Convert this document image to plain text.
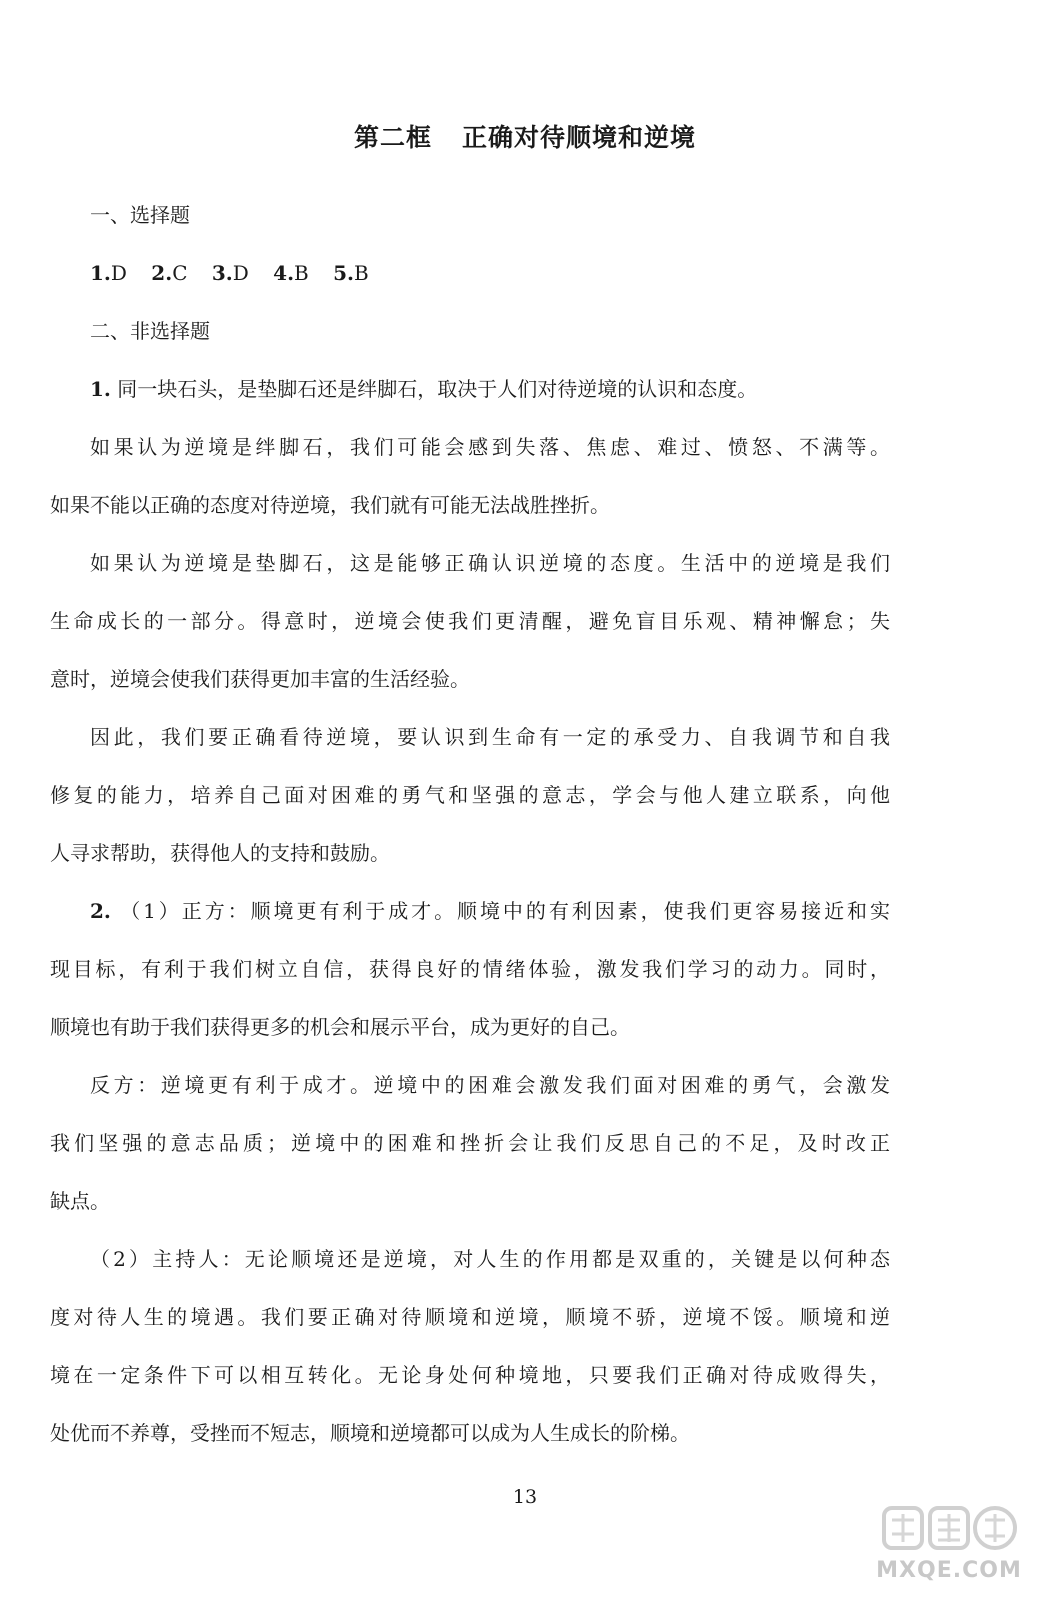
第二框 正确对待顺境和逆境

一、选择题

1.D 2.C 3.D 4.B 5.B

二、非选择题

1. 同一块石头，是垫脚石还是绊脚石，取决于人们对待逆境的认识和态度。

如果认为逆境是绊脚石，我们可能会感到失落、焦虑、难过、愤怒、不满等。

如果不能以正确的态度对待逆境，我们就有可能无法战胜挫折。

如果认为逆境是垫脚石，这是能够正确认识逆境的态度。生活中的逆境是我们

生命成长的一部分。得意时，逆境会使我们更清醒，避免盲目乐观、精神懈怠；失

意时，逆境会使我们获得更加丰富的生活经验。

因此，我们要正确看待逆境，要认识到生命有一定的承受力、自我调节和自我

修复的能力，培养自己面对困难的勇气和坚强的意志，学会与他人建立联系，向他

人寻求帮助，获得他人的支持和鼓励。

2. （1）正方：顺境更有利于成才。顺境中的有利因素，使我们更容易接近和实

现目标，有利于我们树立自信，获得良好的情绪体验，激发我们学习的动力。同时，

顺境也有助于我们获得更多的机会和展示平台，成为更好的自己。

反方：逆境更有利于成才。逆境中的困难会激发我们面对困难的勇气，会激发

我们坚强的意志品质；逆境中的困难和挫折会让我们反思自己的不足，及时改正

缺点。

（2）主持人：无论顺境还是逆境，对人生的作用都是双重的，关键是以何种态

度对待人生的境遇。我们要正确对待顺境和逆境，顺境不骄，逆境不馁。顺境和逆

境在一定条件下可以相互转化。无论身处何种境地，只要我们正确对待成败得失，

处优而不养尊，受挫而不短志，顺境和逆境都可以成为人生成长的阶梯。

13
MXQE.COM
